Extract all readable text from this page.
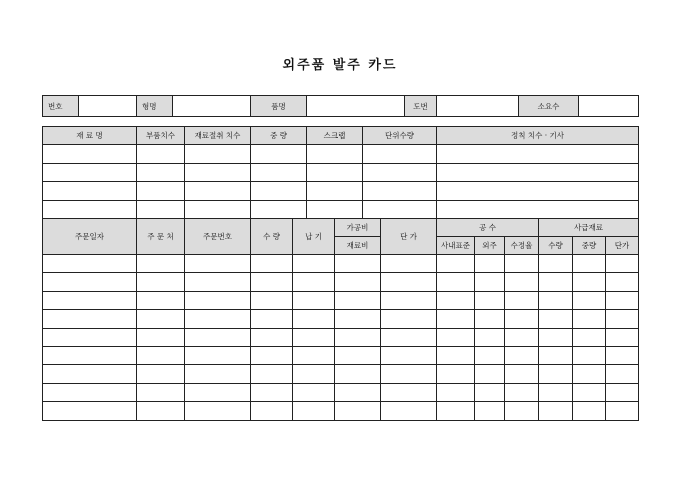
외주품 발주 카드
번호		형명		품명		도번		소요수	
재 료 명	부품치수	재료절취 치수	중 량	스크랩	단위수량	정칙 치수 · 기사

주문일자	주 문 처	주문번호	수 량	납 기	가공비	단 가	공 수			사급재료		
					재료비		사내표준	외주	수정율	수량	중량	단가
